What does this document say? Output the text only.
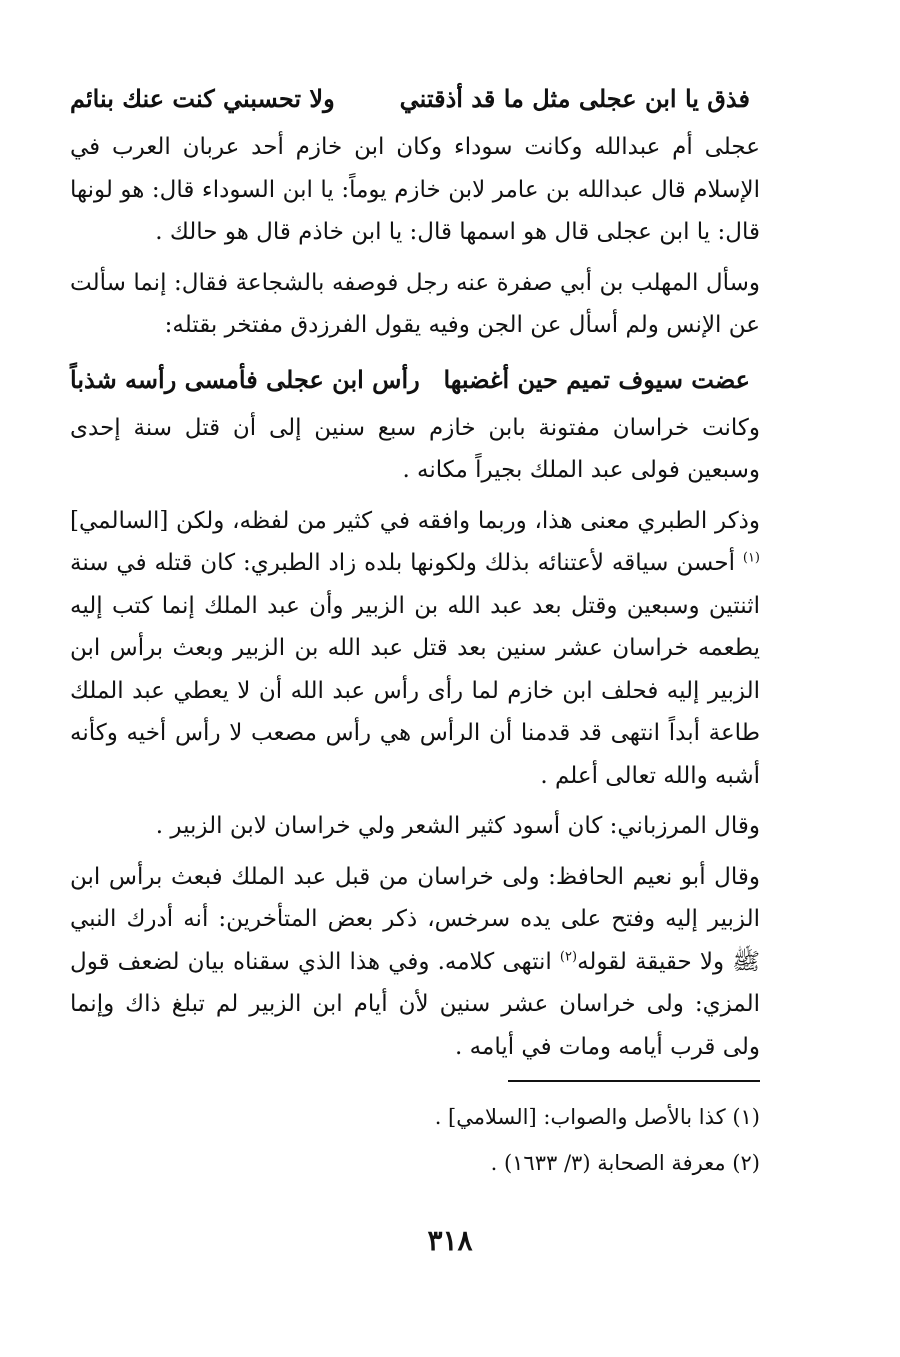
فذق يا ابن عجلى مثل ما قد أذقتني
ولا تحسبني كنت عنك بنائم

عجلى أم عبدالله وكانت سوداء وكان ابن خازم أحد عربان العرب في الإسلام قال عبدالله بن عامر لابن خازم يوماً: يا ابن السوداء قال: هو لونها قال: يا ابن عجلى قال هو اسمها قال: يا ابن خاذم قال هو حالك .

وسأل المهلب بن أبي صفرة عنه رجل فوصفه بالشجاعة فقال: إنما سألت عن الإنس ولم أسأل عن الجن وفيه يقول الفرزدق مفتخر بقتله:

عضت سيوف تميم حين أغضبها
رأس ابن عجلى فأمسى رأسه شذباً

وكانت خراسان مفتونة بابن خازم سبع سنين إلى أن قتل سنة إحدى وسبعين فولى عبد الملك بجيراً مكانه .

وذكر الطبري معنى هذا، وربما وافقه في كثير من لفظه، ولكن [السالمي]$^{(١)}$ أحسن سياقه لأعتنائه بذلك ولكونها بلده زاد الطبري: كان قتله في سنة اثنتين وسبعين وقتل بعد عبد الله بن الزبير وأن عبد الملك إنما كتب إليه يطعمه خراسان عشر سنين بعد قتل عبد الله بن الزبير وبعث برأس ابن الزبير إليه فحلف ابن خازم لما رأى رأس عبد الله أن لا يعطي عبد الملك طاعة أبداً انتهى قد قدمنا أن الرأس هي رأس مصعب لا رأس أخيه وكأنه أشبه والله تعالى أعلم .

وقال المرزباني: كان أسود كثير الشعر ولي خراسان لابن الزبير .

وقال أبو نعيم الحافظ: ولى خراسان من قبل عبد الملك فبعث برأس ابن الزبير إليه وفتح على يده سرخس، ذكر بعض المتأخرين: أنه أدرك النبي ﷺ ولا حقيقة لقوله$^{(٢)}$ انتهى كلامه. وفي هذا الذي سقناه بيان لضعف قول المزي: ولى خراسان عشر سنين لأن أيام ابن الزبير لم تبلغ ذاك وإنما ولى قرب أيامه ومات في أيامه .

(١) كذا بالأصل والصواب: [السلامي] .
(٢) معرفة الصحابة (٣/ ١٦٣٣) .
٣١٨
